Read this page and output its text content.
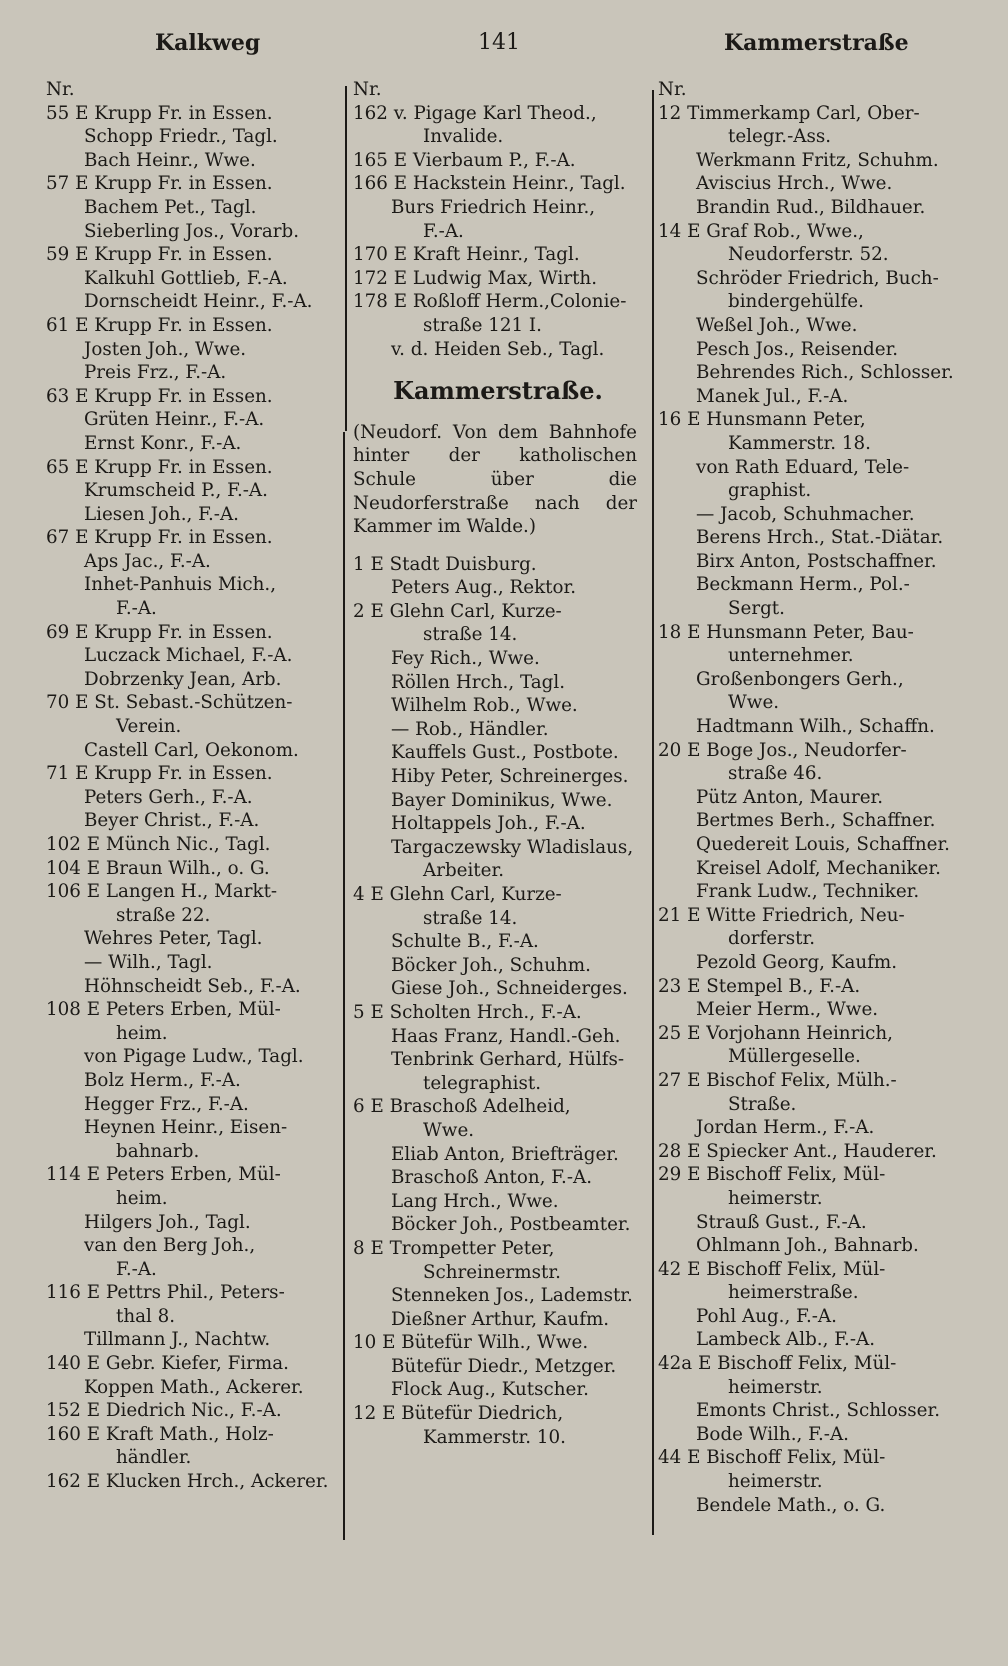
Kalkweg	141	Kammerstraße
Nr.
55 E Krupp Fr. in Essen.
Schopp Friedr., Tagl.
Bach Heinr., Wwe.
57 E Krupp Fr. in Essen.
Bachem Pet., Tagl.
Sieberling Jos., Vorarb.
59 E Krupp Fr. in Essen.
Kalkuhl Gottlieb, F.-A.
Dornscheidt Heinr., F.-A.
61 E Krupp Fr. in Essen.
Josten Joh., Wwe.
Preis Frz., F.-A.
63 E Krupp Fr. in Essen.
Grüten Heinr., F.-A.
Ernst Konr., F.-A.
65 E Krupp Fr. in Essen.
Krumscheid P., F.-A.
Liesen Joh., F.-A.
67 E Krupp Fr. in Essen.
Aps Jac., F.-A.
Inhet-Panhuis Mich.,
F.-A.
69 E Krupp Fr. in Essen.
Luczack Michael, F.-A.
Dobrzenky Jean, Arb.
70 E St. Sebast.-Schützen-
Verein.
Castell Carl, Oekonom.
71 E Krupp Fr. in Essen.
Peters Gerh., F.-A.
Beyer Christ., F.-A.
102 E Münch Nic., Tagl.
104 E Braun Wilh., o. G.
106 E Langen H., Markt-
straße 22.
Wehres Peter, Tagl.
— Wilh., Tagl.
Höhnscheidt Seb., F.-A.
108 E Peters Erben, Mül-
heim.
von Pigage Ludw., Tagl.
Bolz Herm., F.-A.
Hegger Frz., F.-A.
Heynen Heinr., Eisen-
bahnarb.
114 E Peters Erben, Mül-
heim.
Hilgers Joh., Tagl.
van den Berg Joh.,
F.-A.
116 E Pettrs Phil., Peters-
thal 8.
Tillmann J., Nachtw.
140 E Gebr. Kiefer, Firma.
Koppen Math., Ackerer.
152 E Diedrich Nic., F.-A.
160 E Kraft Math., Holz-
händler.
162 E Klucken Hrch., Ackerer.
Nr.
162 v. Pigage Karl Theod.,
Invalide.
165 E Vierbaum P., F.-A.
166 E Hackstein Heinr., Tagl.
Burs Friedrich Heinr.,
F.-A.
170 E Kraft Heinr., Tagl.
172 E Ludwig Max, Wirth.
178 E Roßloff Herm.,Colonie-
straße 121 I.
v. d. Heiden Seb., Tagl.
Kammerstraße.
(Neudorf. Von dem Bahnhofe hinter der katholischen Schule über die Neudorferstraße nach der Kammer im Walde.)
1 E Stadt Duisburg.
Peters Aug., Rektor.
2 E Glehn Carl, Kurze-
straße 14.
Fey Rich., Wwe.
Röllen Hrch., Tagl.
Wilhelm Rob., Wwe.
— Rob., Händler.
Kauffels Gust., Postbote.
Hiby Peter, Schreinerges.
Bayer Dominikus, Wwe.
Holtappels Joh., F.-A.
Targaczewsky Wladislaus,
Arbeiter.
4 E Glehn Carl, Kurze-
straße 14.
Schulte B., F.-A.
Böcker Joh., Schuhm.
Giese Joh., Schneiderges.
5 E Scholten Hrch., F.-A.
Haas Franz, Handl.-Geh.
Tenbrink Gerhard, Hülfs-
telegraphist.
6 E Braschoß Adelheid,
Wwe.
Eliab Anton, Briefträger.
Braschoß Anton, F.-A.
Lang Hrch., Wwe.
Böcker Joh., Postbeamter.
8 E Trompetter Peter,
Schreinermstr.
Stenneken Jos., Lademstr.
Dießner Arthur, Kaufm.
10 E Bütefür Wilh., Wwe.
Bütefür Diedr., Metzger.
Flock Aug., Kutscher.
12 E Bütefür Diedrich,
Kammerstr. 10.
Nr.
12 Timmerkamp Carl, Ober-
telegr.-Ass.
Werkmann Fritz, Schuhm.
Aviscius Hrch., Wwe.
Brandin Rud., Bildhauer.
14 E Graf Rob., Wwe.,
Neudorferstr. 52.
Schröder Friedrich, Buch-
bindergehülfe.
Weßel Joh., Wwe.
Pesch Jos., Reisender.
Behrendes Rich., Schlosser.
Manek Jul., F.-A.
16 E Hunsmann Peter,
Kammerstr. 18.
von Rath Eduard, Tele-
graphist.
— Jacob, Schuhmacher.
Berens Hrch., Stat.-Diätar.
Birx Anton, Postschaffner.
Beckmann Herm., Pol.-
Sergt.
18 E Hunsmann Peter, Bau-
unternehmer.
Großenbongers Gerh.,
Wwe.
Hadtmann Wilh., Schaffn.
20 E Boge Jos., Neudorfer-
straße 46.
Pütz Anton, Maurer.
Bertmes Berh., Schaffner.
Quedereit Louis, Schaffner.
Kreisel Adolf, Mechaniker.
Frank Ludw., Techniker.
21 E Witte Friedrich, Neu-
dorferstr.
Pezold Georg, Kaufm.
23 E Stempel B., F.-A.
Meier Herm., Wwe.
25 E Vorjohann Heinrich,
Müllergeselle.
27 E Bischof Felix, Mülh.-
Straße.
Jordan Herm., F.-A.
28 E Spiecker Ant., Hauderer.
29 E Bischoff Felix, Mül-
heimerstr.
Strauß Gust., F.-A.
Ohlmann Joh., Bahnarb.
42 E Bischoff Felix, Mül-
heimerstraße.
Pohl Aug., F.-A.
Lambeck Alb., F.-A.
42a E Bischoff Felix, Mül-
heimerstr.
Emonts Christ., Schlosser.
Bode Wilh., F.-A.
44 E Bischoff Felix, Mül-
heimerstr.
Bendele Math., o. G.
